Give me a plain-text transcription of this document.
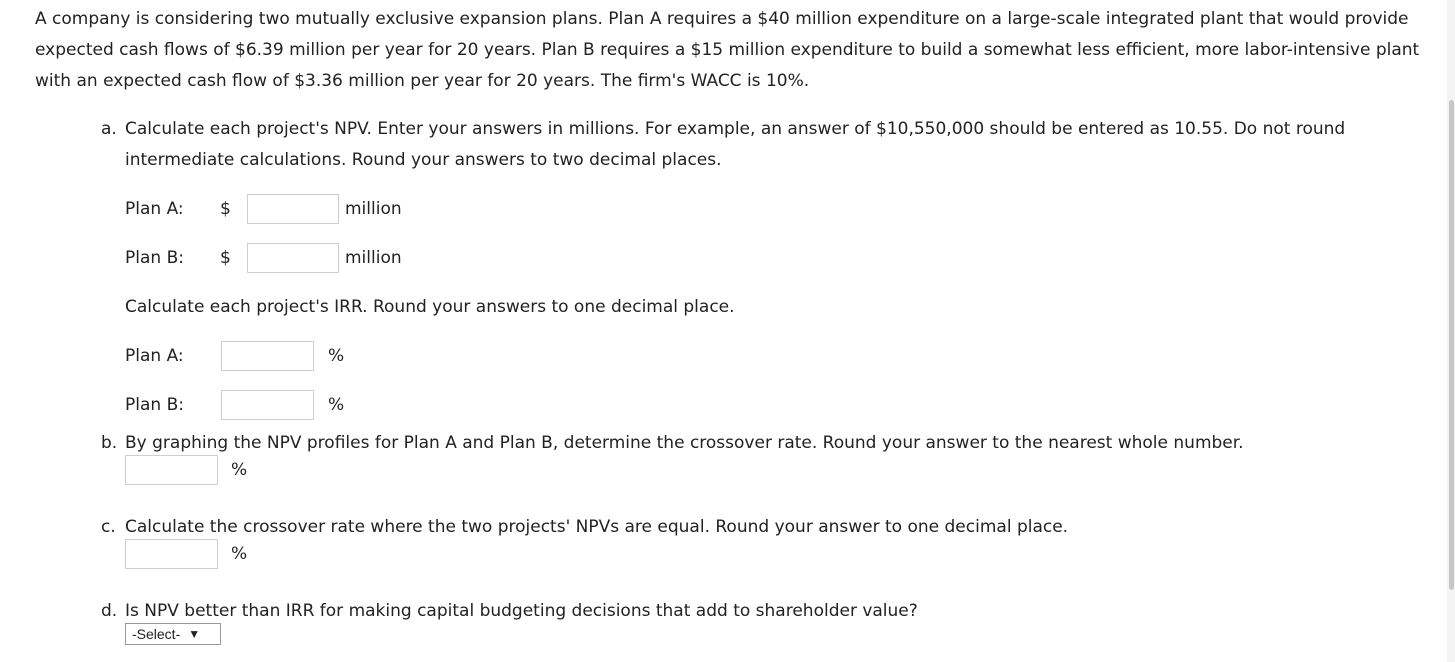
A company is considering two mutually exclusive expansion plans. Plan A requires a $40 million expenditure on a large-scale integrated plant that would provide expected cash flows of $6.39 million per year for 20 years. Plan B requires a $15 million expenditure to build a somewhat less efficient, more labor-intensive plant with an expected cash flow of $3.36 million per year for 20 years. The firm's WACC is 10%.

a. Calculate each project's NPV. Enter your answers in millions. For example, an answer of $10,550,000 should be entered as 10.55. Do not round intermediate calculations. Round your answers to two decimal places.
Plan A: $	million
Plan B: $	million
Calculate each project's IRR. Round your answers to one decimal place.
Plan A:	%
Plan B:	%
b. By graphing the NPV profiles for Plan A and Plan B, determine the crossover rate. Round your answer to the nearest whole number.
%
c. Calculate the crossover rate where the two projects' NPVs are equal. Round your answer to one decimal place.
%
d. Is NPV better than IRR for making capital budgeting decisions that add to shareholder value?
-Select- ▼
